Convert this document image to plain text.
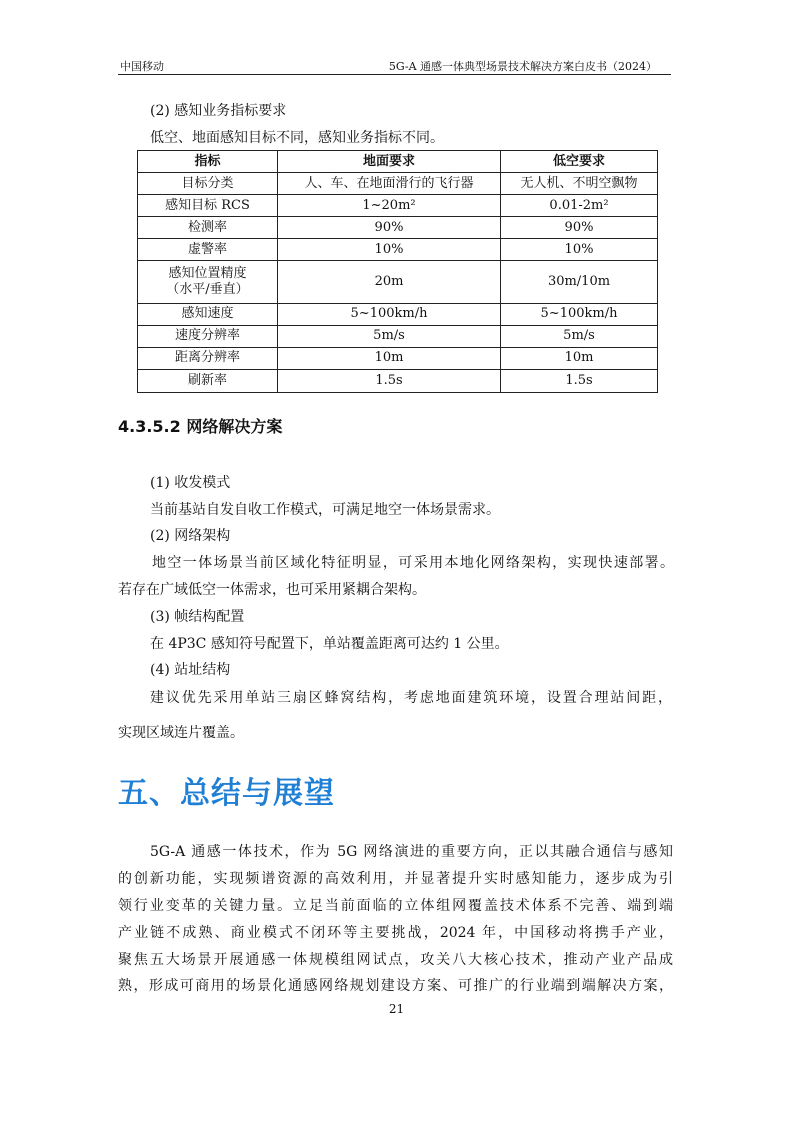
中国移动	5G-A 通感一体典型场景技术解决方案白皮书（2024）
(2) 感知业务指标要求
低空、地面感知目标不同，感知业务指标不同。
指标	地面要求	低空要求
目标分类	人、车、在地面滑行的飞行器	无人机、不明空飘物
感知目标 RCS	1~20m²	0.01-2m²
检测率	90%	90%
虚警率	10%	10%
感知位置精度
（水平/垂直）	20m	30m/10m
感知速度	5~100km/h	5~100km/h
速度分辨率	5m/s	5m/s
距离分辨率	10m	10m
刷新率	1.5s	1.5s
4.3.5.2 网络解决方案
(1) 收发模式
当前基站自发自收工作模式，可满足地空一体场景需求。
(2) 网络架构
地空一体场景当前区域化特征明显，可采用本地化网络架构，实现快速部署。
若存在广域低空一体需求，也可采用紧耦合架构。
(3) 帧结构配置
在 4P3C 感知符号配置下，单站覆盖距离可达约 1 公里。
(4) 站址结构
建议优先采用单站三扇区蜂窝结构，考虑地面建筑环境，设置合理站间距，
实现区域连片覆盖。
五、总结与展望
5G-A 通感一体技术，作为 5G 网络演进的重要方向，正以其融合通信与感知
的创新功能，实现频谱资源的高效利用，并显著提升实时感知能力，逐步成为引
领行业变革的关键力量。立足当前面临的立体组网覆盖技术体系不完善、端到端
产业链不成熟、商业模式不闭环等主要挑战，2024 年，中国移动将携手产业，
聚焦五大场景开展通感一体规模组网试点，攻关八大核心技术，推动产业产品成
熟，形成可商用的场景化通感网络规划建设方案、可推广的行业端到端解决方案，
21
